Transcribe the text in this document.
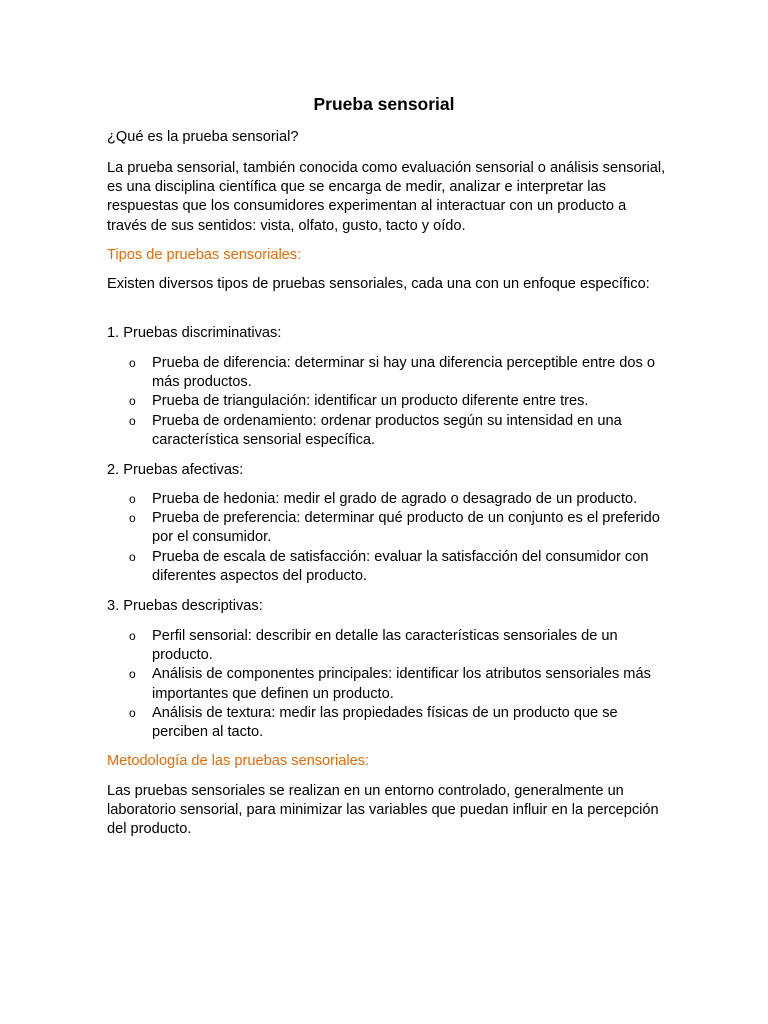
Prueba sensorial

¿Qué es la prueba sensorial?

La prueba sensorial, también conocida como evaluación sensorial o análisis sensorial, es una disciplina científica que se encarga de medir, analizar e interpretar las respuestas que los consumidores experimentan al interactuar con un producto a través de sus sentidos: vista, olfato, gusto, tacto y oído.

Tipos de pruebas sensoriales:

Existen diversos tipos de pruebas sensoriales, cada una con un enfoque específico:

1. Pruebas discriminativas:

o Prueba de diferencia: determinar si hay una diferencia perceptible entre dos o más productos.
o Prueba de triangulación: identificar un producto diferente entre tres.
o Prueba de ordenamiento: ordenar productos según su intensidad en una característica sensorial específica.

2. Pruebas afectivas:

o Prueba de hedonia: medir el grado de agrado o desagrado de un producto.
o Prueba de preferencia: determinar qué producto de un conjunto es el preferido por el consumidor.
o Prueba de escala de satisfacción: evaluar la satisfacción del consumidor con diferentes aspectos del producto.

3. Pruebas descriptivas:

o Perfil sensorial: describir en detalle las características sensoriales de un producto.
o Análisis de componentes principales: identificar los atributos sensoriales más importantes que definen un producto.
o Análisis de textura: medir las propiedades físicas de un producto que se perciben al tacto.

Metodología de las pruebas sensoriales:

Las pruebas sensoriales se realizan en un entorno controlado, generalmente un laboratorio sensorial, para minimizar las variables que puedan influir en la percepción del producto.
